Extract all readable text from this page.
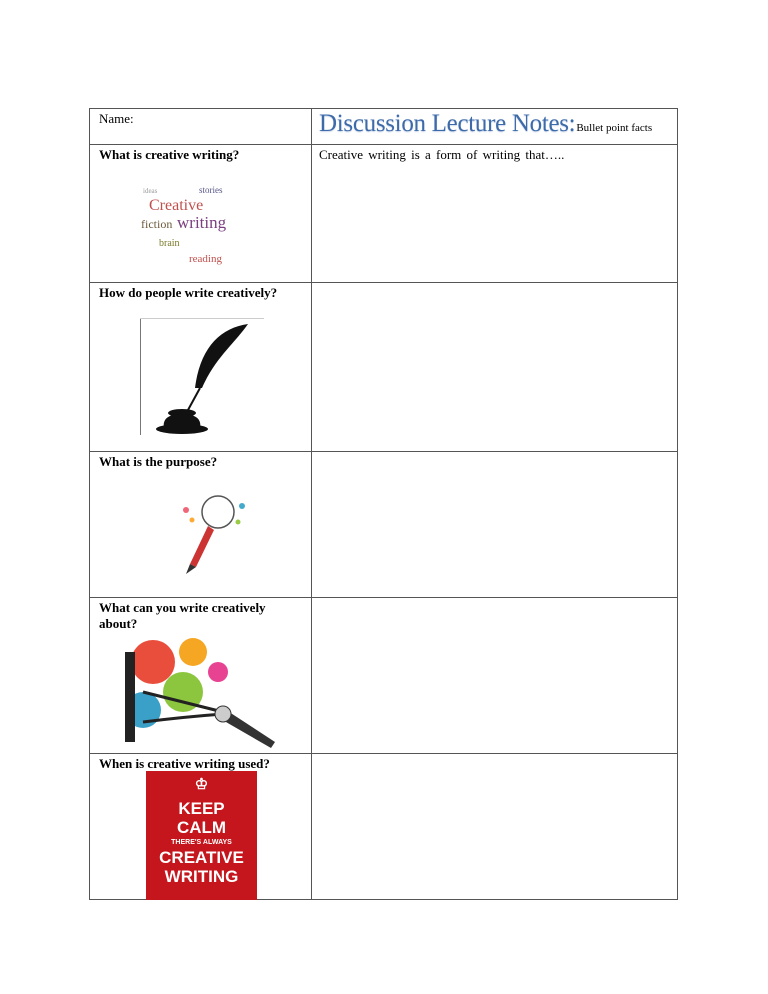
Name:	Discussion Lecture Notes:Bullet point facts
What is creative writing?	Creative writing is a form of writing that…..
ideas	stories
Creative
fiction writing
brain
reading
How do people write creatively?
What is the purpose?
What can you write creatively about?
When is creative writing used?
♔
KEEP
CALM
THERE'S ALWAYS
CREATIVE
WRITING
